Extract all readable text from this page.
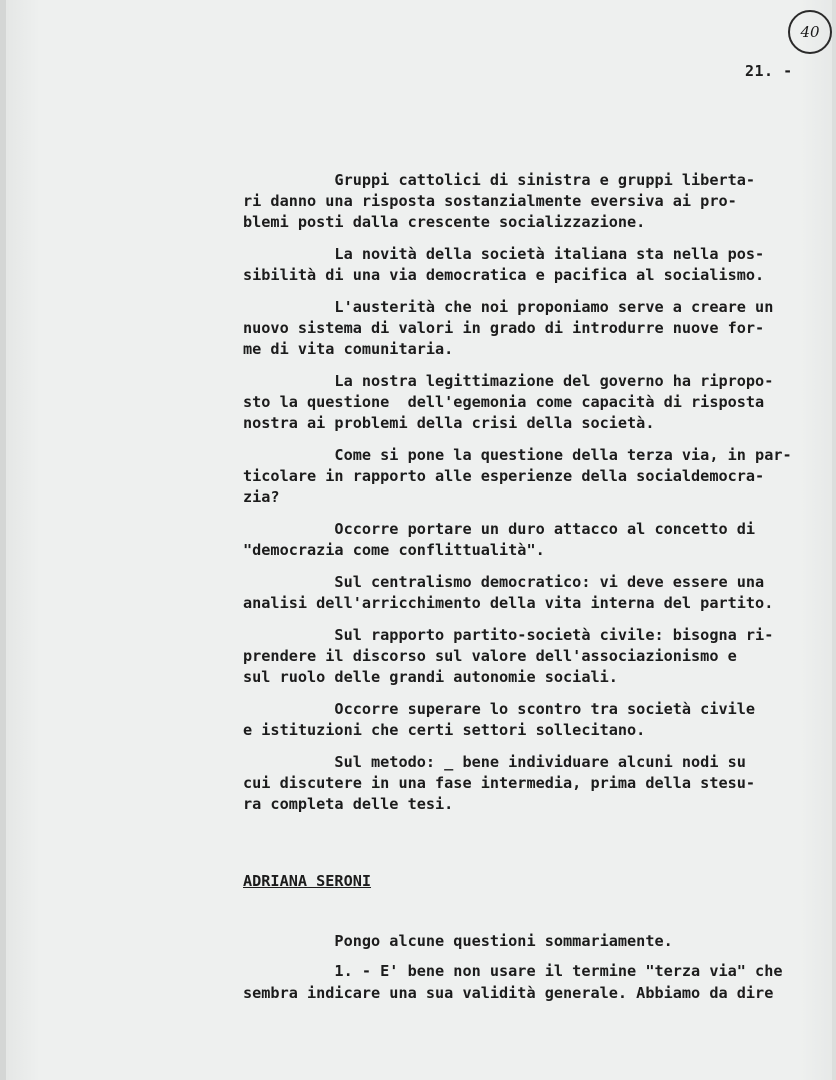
40
21. -
Gruppi cattolici di sinistra e gruppi liberta-
ri danno una risposta sostanzialmente eversiva ai pro-
blemi posti dalla crescente socializzazione.
La novità della società italiana sta nella pos-
sibilità di una via democratica e pacifica al socialismo.
L'austerità che noi proponiamo serve a creare un
nuovo sistema di valori in grado di introdurre nuove for-
me di vita comunitaria.
La nostra legittimazione del governo ha ripropo-
sto la questione  dell'egemonia come capacità di risposta
nostra ai problemi della crisi della società.
Come si pone la questione della terza via, in par-
ticolare in rapporto alle esperienze della socialdemocra-
zia?
Occorre portare un duro attacco al concetto di
"democrazia come conflittualità".
Sul centralismo democratico: vi deve essere una
analisi dell'arricchimento della vita interna del partito.
Sul rapporto partito-società civile: bisogna ri-
prendere il discorso sul valore dell'associazionismo e
sul ruolo delle grandi autonomie sociali.
Occorre superare lo scontro tra società civile
e istituzioni che certi settori sollecitano.
Sul metodo: _ bene individuare alcuni nodi su
cui discutere in una fase intermedia, prima della stesu-
ra completa delle tesi.
ADRIANA SERONI
Pongo alcune questioni sommariamente.
1. - E' bene non usare il termine "terza via" che
sembra indicare una sua validità generale. Abbiamo da dire
